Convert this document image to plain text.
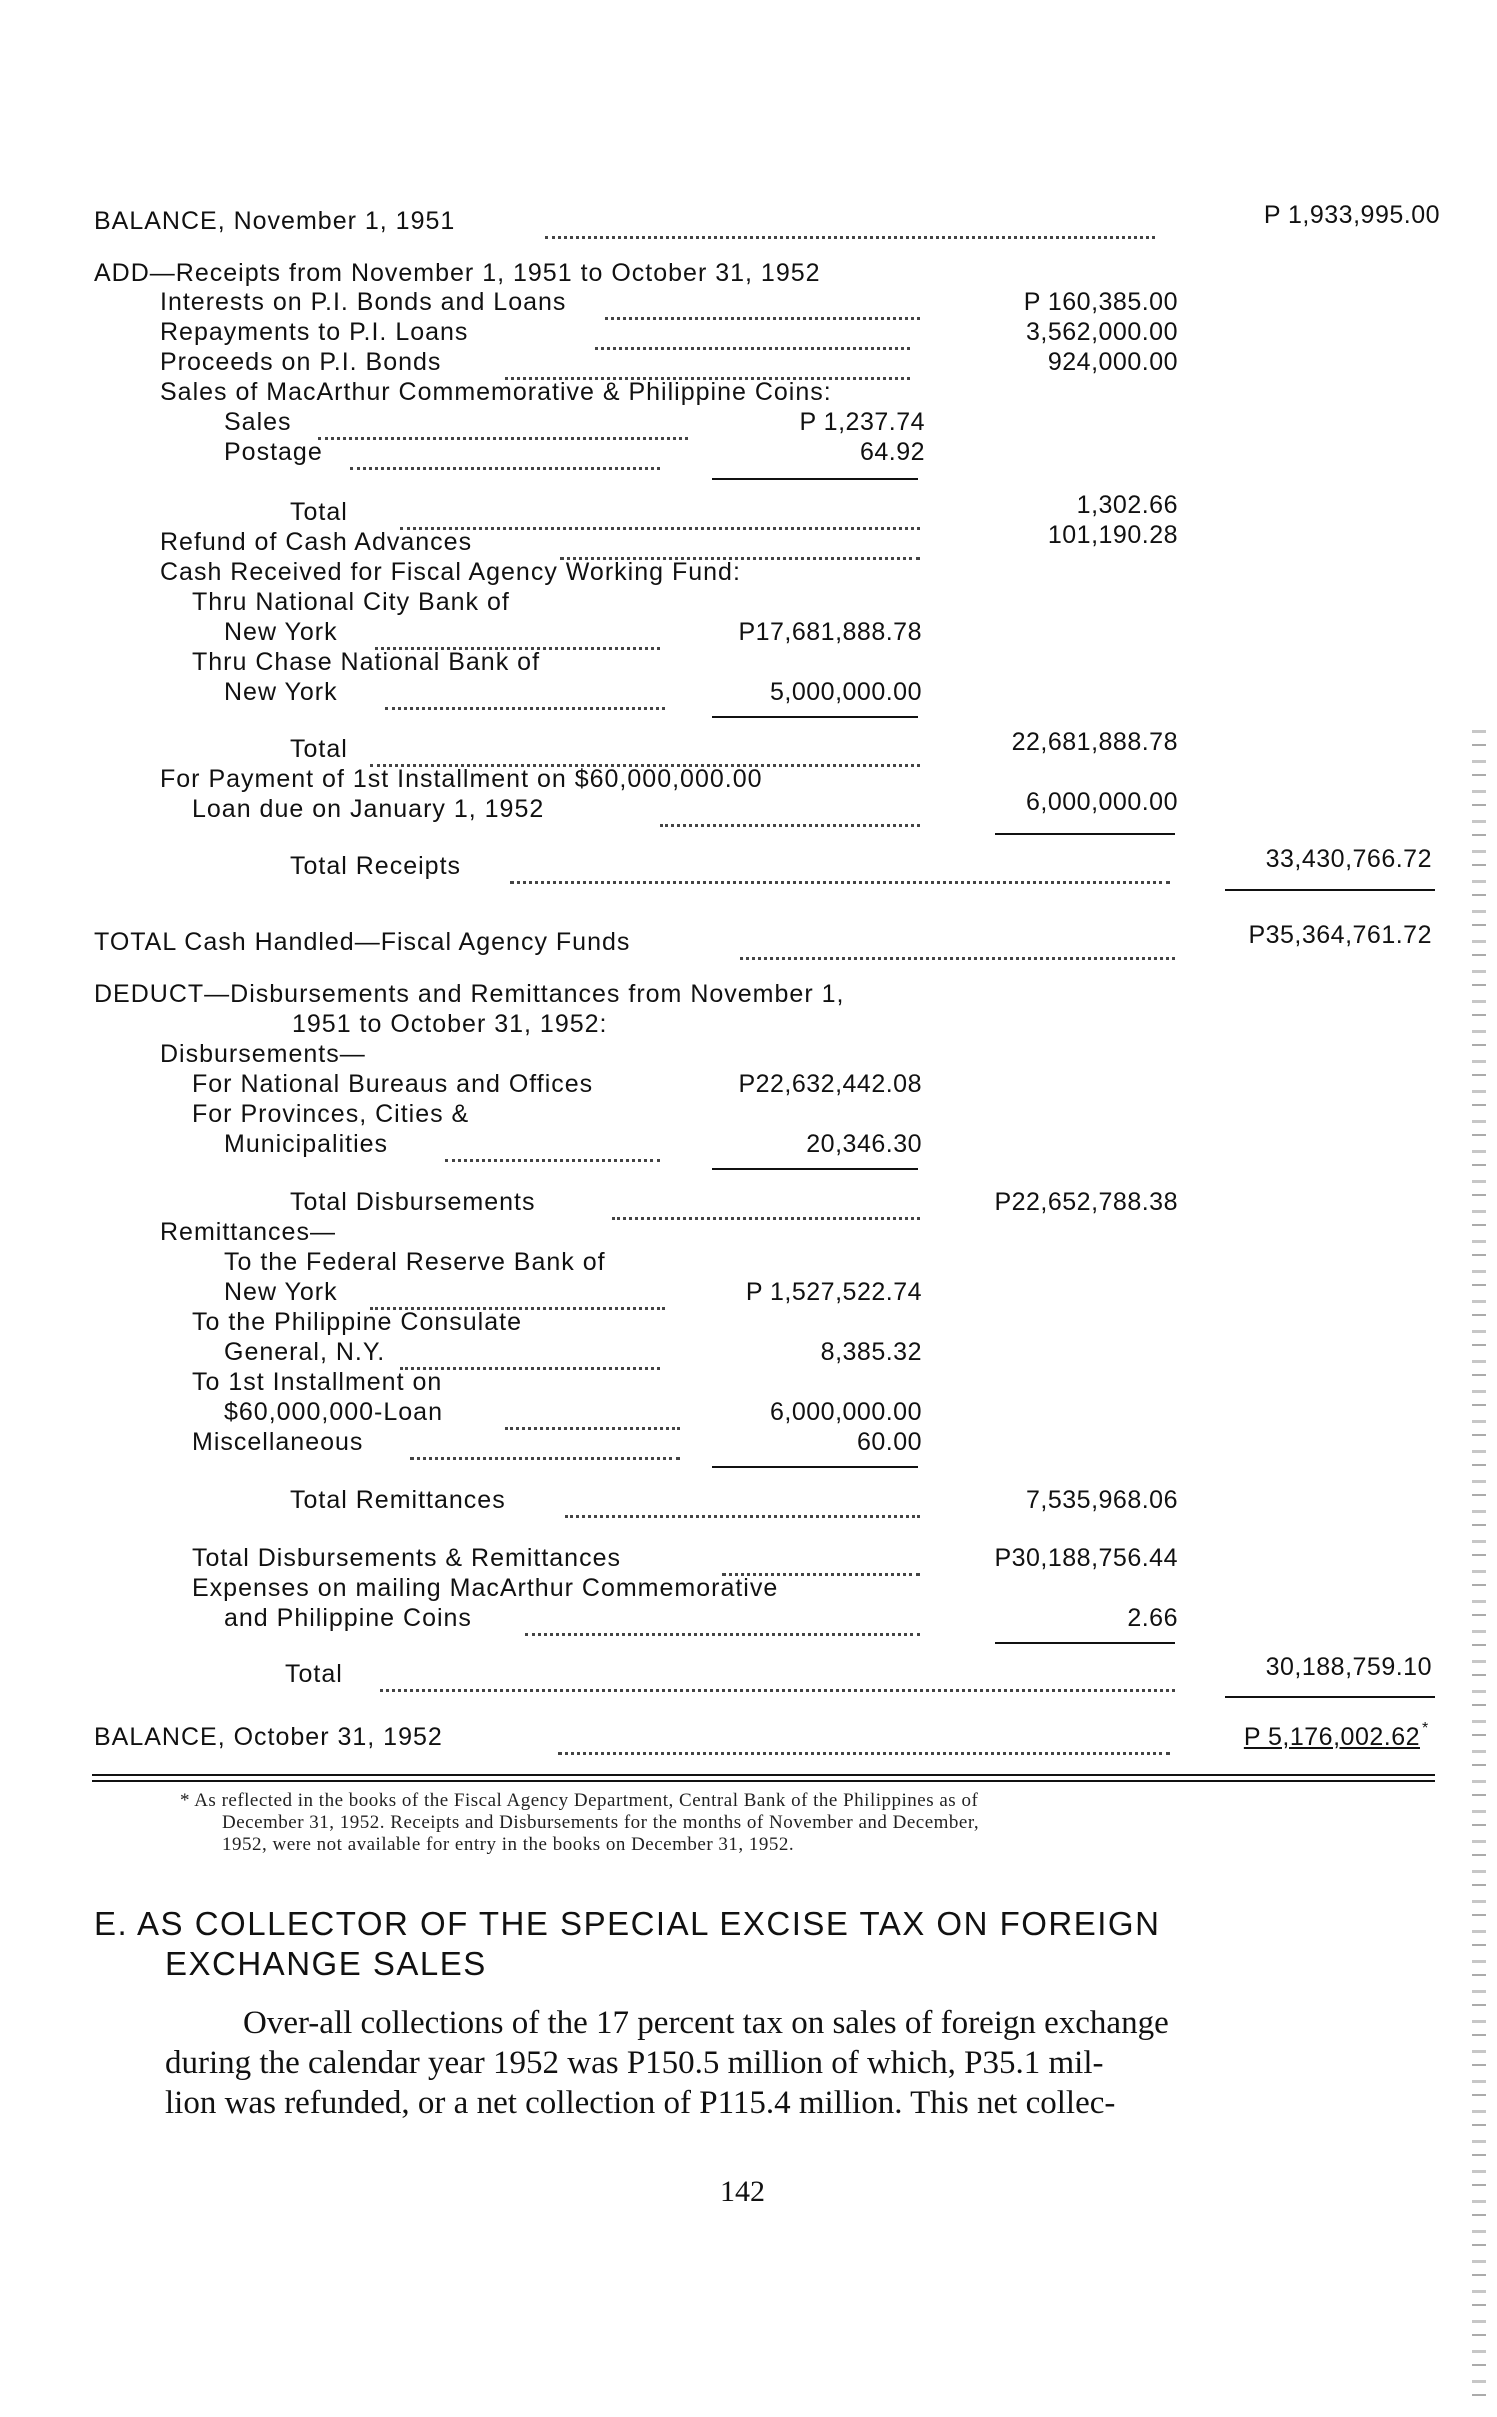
BALANCE, November 1, 1951	P 1,933,995.00
ADD—Receipts from November 1, 1951 to October 31, 1952
Interests on P.I. Bonds and Loans	P 160,385.00
Repayments to P.I. Loans	3,562,000.00
Proceeds on P.I. Bonds	924,000.00
Sales of MacArthur Commemorative & Philippine Coins:
Sales	P 1,237.74
Postage	64.92
Total	1,302.66
Refund of Cash Advances	101,190.28
Cash Received for Fiscal Agency Working Fund:
Thru National City Bank of
New York	P17,681,888.78
Thru Chase National Bank of
New York	5,000,000.00
Total	22,681,888.78
For Payment of 1st Installment on $60,000,000.00
Loan due on January 1, 1952	6,000,000.00
Total Receipts	33,430,766.72
TOTAL Cash Handled—Fiscal Agency Funds	P35,364,761.72
DEDUCT—Disbursements and Remittances from November 1,
1951 to October 31, 1952:
Disbursements—
For National Bureaus and Offices	P22,632,442.08
For Provinces, Cities &
Municipalities	20,346.30
Total Disbursements	P22,652,788.38
Remittances—
To the Federal Reserve Bank of
New York	P 1,527,522.74
To the Philippine Consulate
General, N.Y.	8,385.32
To 1st Installment on
$60,000,000-Loan	6,000,000.00
Miscellaneous	60.00
Total Remittances	7,535,968.06
Total Disbursements & Remittances	P30,188,756.44
Expenses on mailing MacArthur Commemorative
and Philippine Coins	2.66
Total	30,188,759.10
BALANCE, October 31, 1952	P 5,176,002.62 *
* As reflected in the books of the Fiscal Agency Department, Central Bank of the Philippines as of
December 31, 1952. Receipts and Disbursements for the months of November and December,
1952, were not available for entry in the books on December 31, 1952.
E. AS COLLECTOR OF THE SPECIAL EXCISE TAX ON FOREIGN
EXCHANGE SALES
Over-all collections of the 17 percent tax on sales of foreign exchange
during the calendar year 1952 was P150.5 million of which, P35.1 mil-
lion was refunded, or a net collection of P115.4 million. This net collec-
142
